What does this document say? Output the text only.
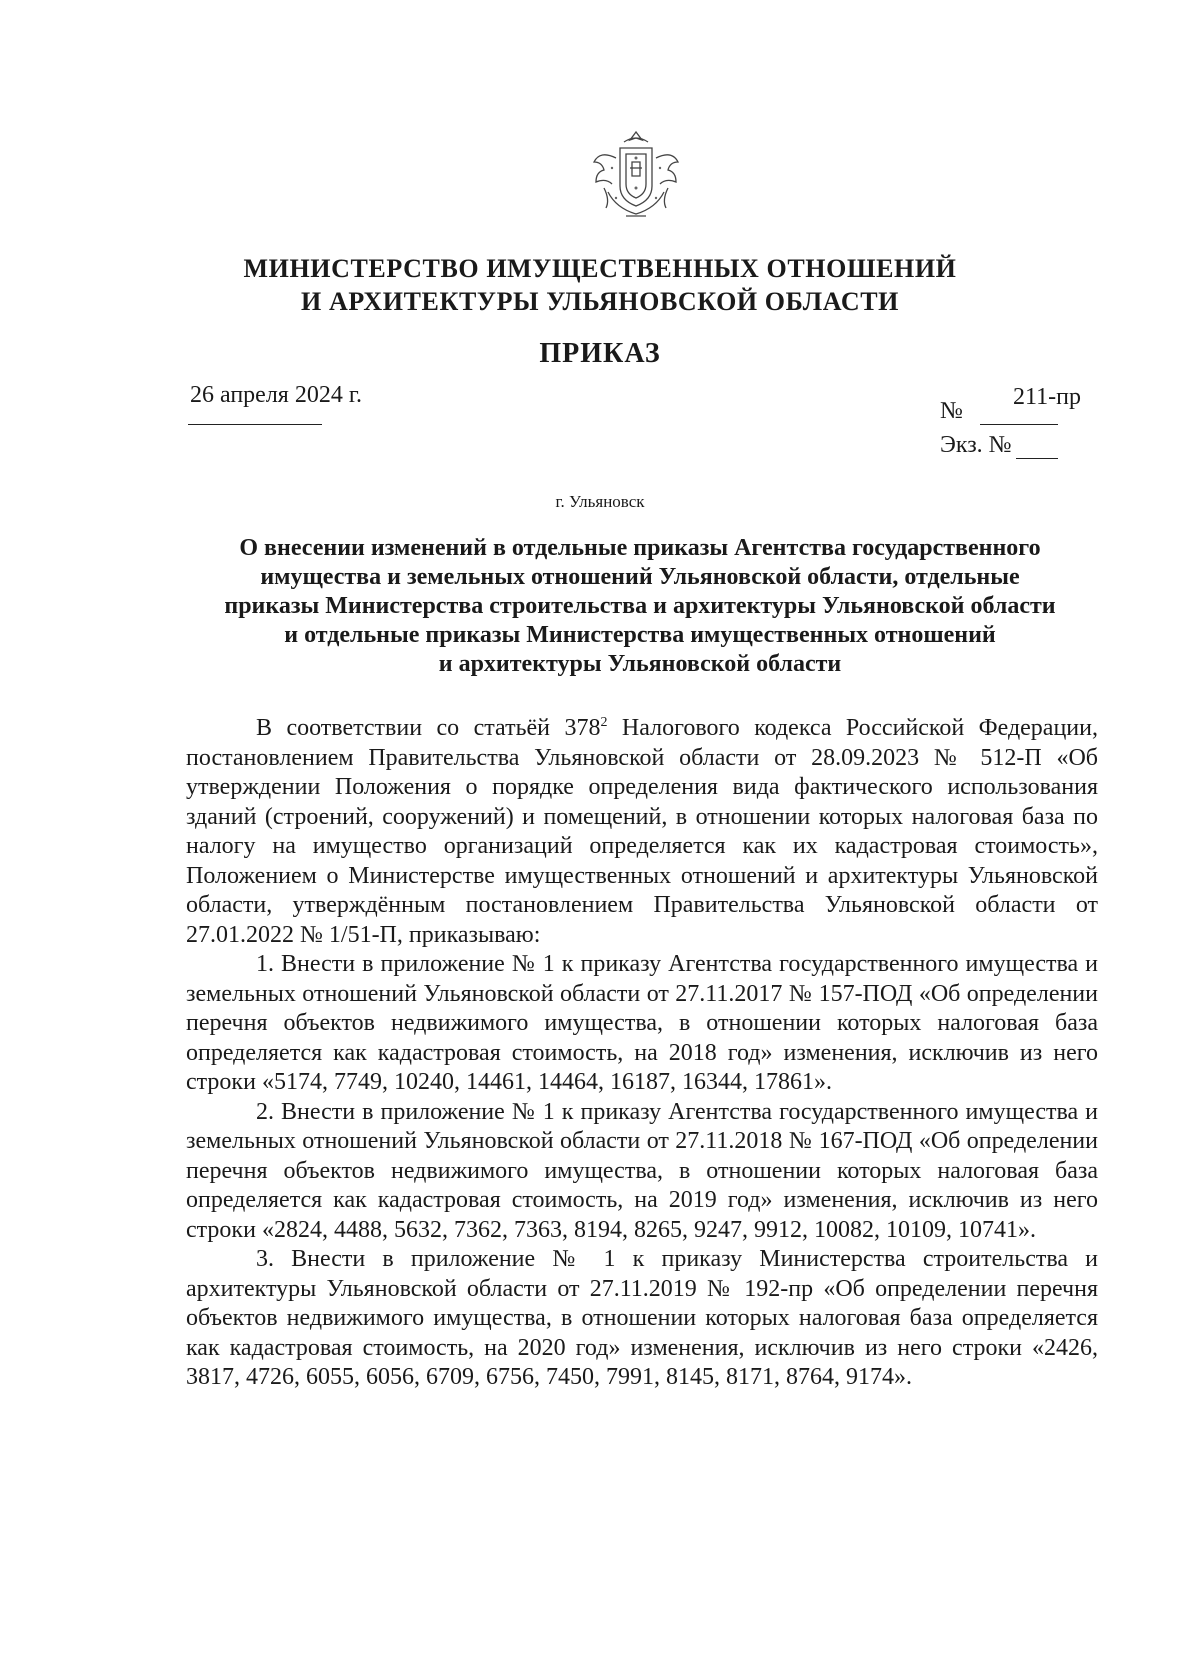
МИНИСТЕРСТВО ИМУЩЕСТВЕННЫХ ОТНОШЕНИЙ
И АРХИТЕКТУРЫ УЛЬЯНОВСКОЙ ОБЛАСТИ
ПРИКАЗ
26 апреля 2024 г.
№
211-пр
Экз. №
г. Ульяновск
О внесении изменений в отдельные приказы Агентства государственного
имущества и земельных отношений Ульяновской области, отдельные
приказы Министерства строительства и архитектуры Ульяновской области
и отдельные приказы Министерства имущественных отношений
и архитектуры Ульяновской области

В соответствии со статьёй $378^2$ Налогового кодекса Российской Федерации, постановлением Правительства Ульяновской области от 28.09.2023 № 512-П «Об утверждении Положения о порядке определения вида фактического использования зданий (строений, сооружений) и помещений, в отношении которых налоговая база по налогу на имущество организаций определяется как их кадастровая стоимость», Положением о Министерстве имущественных отношений и архитектуры Ульяновской области, утверждённым постановлением Правительства Ульяновской области от 27.01.2022 № 1/51-П, приказываю:

1. Внести в приложение № 1 к приказу Агентства государственного имущества и земельных отношений Ульяновской области от 27.11.2017 № 157-ПОД «Об определении перечня объектов недвижимого имущества, в отношении которых налоговая база определяется как кадастровая стоимость, на 2018 год» изменения, исключив из него строки «5174, 7749, 10240, 14461, 14464, 16187, 16344, 17861».

2. Внести в приложение № 1 к приказу Агентства государственного имущества и земельных отношений Ульяновской области от 27.11.2018 № 167-ПОД «Об определении перечня объектов недвижимого имущества, в отношении которых налоговая база определяется как кадастровая стоимость, на 2019 год» изменения, исключив из него строки «2824, 4488, 5632, 7362, 7363, 8194, 8265, 9247, 9912, 10082, 10109, 10741».

3. Внести в приложение № 1 к приказу Министерства строительства и архитектуры Ульяновской области от 27.11.2019 № 192-пр «Об определении перечня объектов недвижимого имущества, в отношении которых налоговая база определяется как кадастровая стоимость, на 2020 год» изменения, исключив из него строки «2426, 3817, 4726, 6055, 6056, 6709, 6756, 7450, 7991, 8145, 8171, 8764, 9174».
